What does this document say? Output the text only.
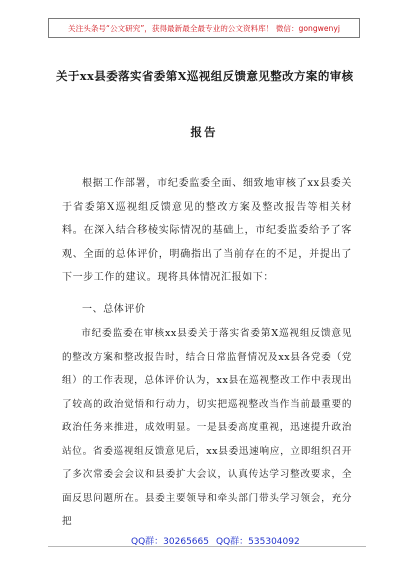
关注头条号“公文研究”，获得最新最全最专业的公文资料库！ 微信：gongwenyj
关于xx县委落实省委第X巡视组反馈意见整改方案的审核
报告

根据工作部署，市纪委监委全面、细致地审核了xx县委关于省委第X巡视组反馈意见的整改方案及整改报告等相关材料。在深入结合移棱实际情况的基础上，市纪委监委给予了客观、全面的总体评价，明确指出了当前存在的不足，并提出了下一步工作的建议。现将具体情况汇报如下：

一、总体评价

市纪委监委在审核xx县委关于落实省委第X巡视组反馈意见的整改方案和整改报告时，结合日常监督情况及xx县各党委（党组）的工作表现，总体评价认为，xx县在巡视整改工作中表现出了较高的政治觉悟和行动力，切实把巡视整改当作当前最重要的政治任务来推进，成效明显。一是县委高度重视，迅速提升政治站位。省委巡视组反馈意见后，xx县委迅速响应，立即组织召开了多次常委会会议和县委扩大会议，认真传达学习整改要求，全面反思问题所在。县委主要领导和牵头部门带头学习领会，充分把

QQ群：30265665 QQ群：535304092
